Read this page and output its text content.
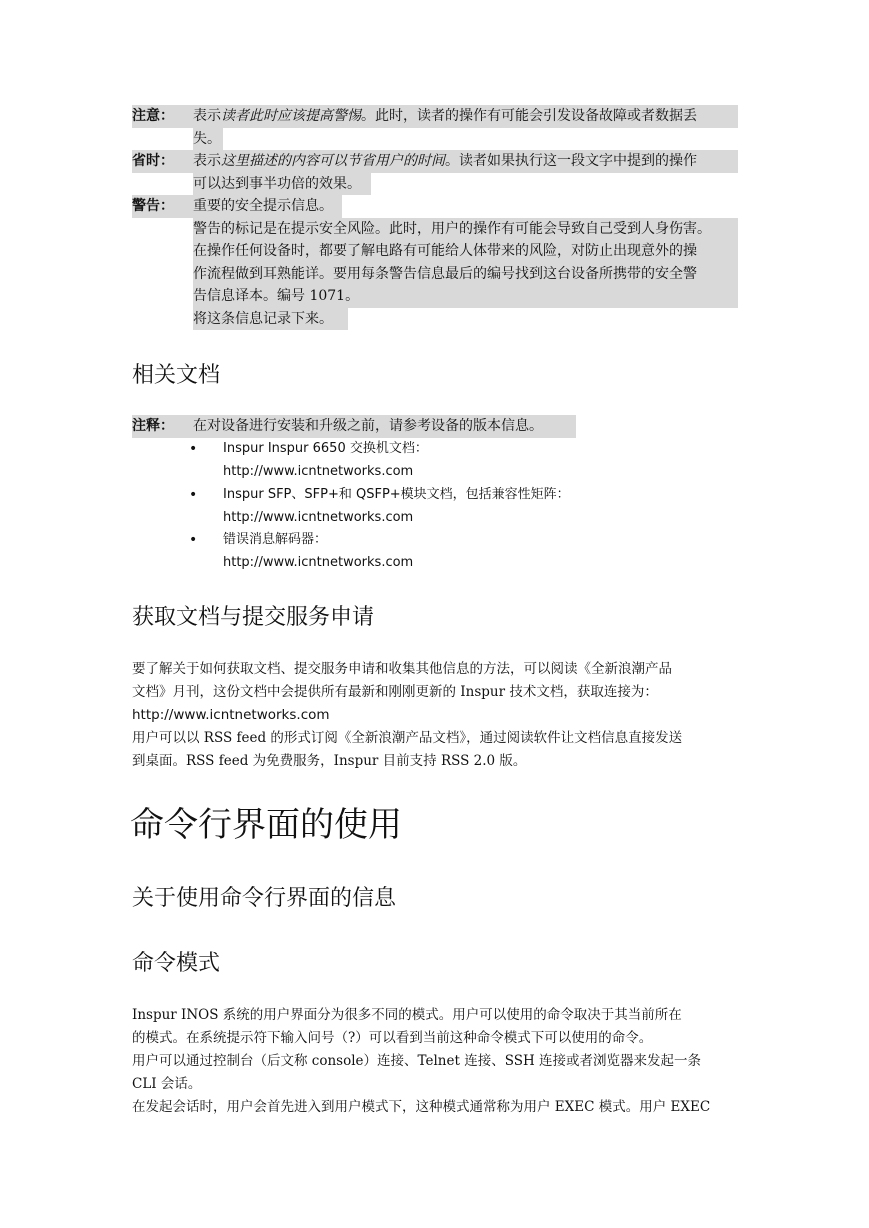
注意： 表示读者此时应该提高警惕。此时，读者的操作有可能会引发设备故障或者数据丢
失。
省时： 表示这里描述的内容可以节省用户的时间。读者如果执行这一段文字中提到的操作
可以达到事半功倍的效果。
警告： 重要的安全提示信息。
警告的标记是在提示安全风险。此时，用户的操作有可能会导致自己受到人身伤害。
在操作任何设备时，都要了解电路有可能给人体带来的风险，对防止出现意外的操
作流程做到耳熟能详。要用每条警告信息最后的编号找到这台设备所携带的安全警
告信息译本。编号 1071。
将这条信息记录下来。
相关文档
注释： 在对设备进行安装和升级之前，请参考设备的版本信息。
• Inspur Inspur 6650 交换机文档：
http://www.icntnetworks.com
• Inspur SFP、SFP+和 QSFP+模块文档，包括兼容性矩阵：
http://www.icntnetworks.com
• 错误消息解码器：
http://www.icntnetworks.com
获取文档与提交服务申请
要了解关于如何获取文档、提交服务申请和收集其他信息的方法，可以阅读《全新浪潮产品
文档》月刊，这份文档中会提供所有最新和刚刚更新的 Inspur 技术文档，获取连接为：
http://www.icntnetworks.com
用户可以以 RSS feed 的形式订阅《全新浪潮产品文档》，通过阅读软件让文档信息直接发送
到桌面。RSS feed 为免费服务，Inspur 目前支持 RSS 2.0 版。
命令行界面的使用
关于使用命令行界面的信息
命令模式
Inspur INOS 系统的用户界面分为很多不同的模式。用户可以使用的命令取决于其当前所在
的模式。在系统提示符下输入问号（?）可以看到当前这种命令模式下可以使用的命令。
用户可以通过控制台（后文称 console）连接、Telnet 连接、SSH 连接或者浏览器来发起一条
CLI 会话。
在发起会话时，用户会首先进入到用户模式下，这种模式通常称为用户 EXEC 模式。用户 EXEC
